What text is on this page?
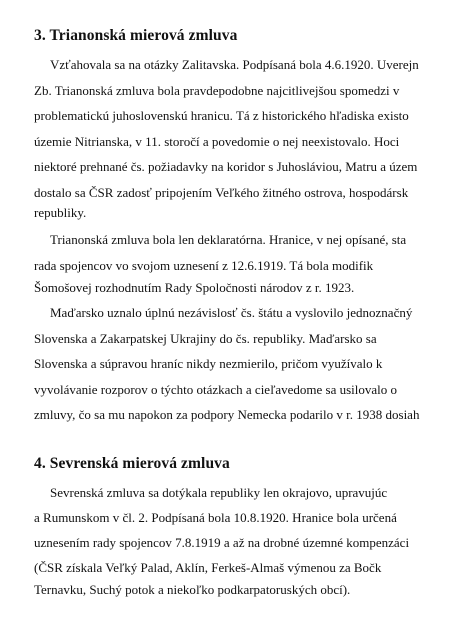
3. Trianonská mierová zmluva

Vzťahovala sa na otázky Zalitavska. Podpísaná bola 4.6.1920. Uverejn

Zb. Trianonská zmluva bola pravdepodobne najcitlivejšou spomedzi v

problematickú juhoslovenskú hranicu. Tá z historického hľadiska existo

územie Nitrianska, v 11. storočí a povedomie o nej neexistovalo. Hoci

niektoré prehnané čs. požiadavky na koridor s Juhosláviou, Matru a územ

dostalo sa ČSR zadosť pripojením Veľkého žitného ostrova, hospodársk

republiky.

Trianonská zmluva bola len deklaratórna. Hranice, v nej opísané, sta

rada spojencov vo svojom uznesení z 12.6.1919. Tá bola modifik

Šomošovej rozhodnutím Rady Spoločnosti národov z r. 1923.

Maďarsko uznalo úplnú nezávislosť čs. štátu a vyslovilo jednoznačný

Slovenska a Zakarpatskej Ukrajiny do čs. republiky. Maďarsko sa

Slovenska a súpravou hraníc nikdy nezmierilo, pričom využívalo k

vyvolávanie rozporov o týchto otázkach a cieľavedome sa usilovalo o

zmluvy, čo sa mu napokon za podpory Nemecka podarilo v r. 1938 dosiah

4. Sevrenská mierová zmluva

Sevrenská zmluva sa dotýkala republiky len okrajovo, upravujúc

a Rumunskom v čl. 2. Podpísaná bola 10.8.1920. Hranice bola určená

uznesením rady spojencov 7.8.1919 a až na drobné územné kompenzáci

(ČSR získala Veľký Palad, Aklín, Ferkeš-Almaš výmenou za Bočk

Ternavku, Suchý potok a niekoľko podkarpatoruských obcí).
